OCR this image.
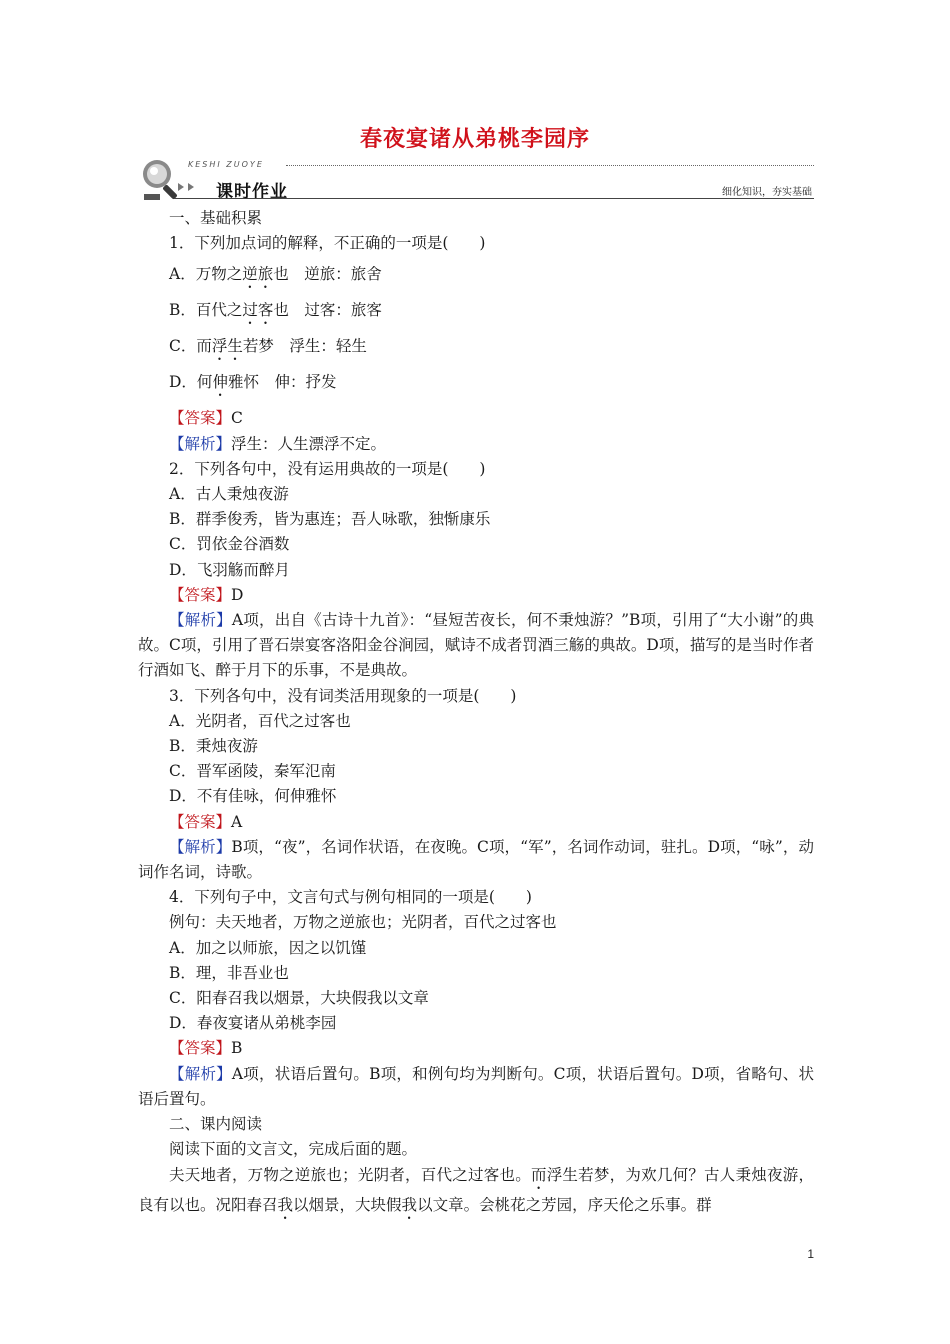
春夜宴诸从弟桃李园序
KESHI ZUOYE
课时作业	细化知识，夯实基础

一、基础积累

1．下列加点词的解释，不正确的一项是(　　)

A．万物之逆旅也　逆旅：旅舍

B．百代之过客也　过客：旅客

C．而浮生若梦　浮生：轻生

D．何伸雅怀　伸：抒发

【答案】C

【解析】浮生：人生漂浮不定。

2．下列各句中，没有运用典故的一项是(　　)

A．古人秉烛夜游

B．群季俊秀，皆为惠连；吾人咏歌，独惭康乐

C．罚依金谷酒数

D．飞羽觞而醉月

【答案】D

【解析】A项，出自《古诗十九首》：“昼短苦夜长，何不秉烛游？”B项，引用了“大小谢”的典故。C项，引用了晋石崇宴客洛阳金谷涧园，赋诗不成者罚酒三觞的典故。D项，描写的是当时作者行酒如飞、醉于月下的乐事，不是典故。

3．下列各句中，没有词类活用现象的一项是(　　)

A．光阴者，百代之过客也

B．秉烛夜游

C．晋军函陵，秦军氾南

D．不有佳咏，何伸雅怀

【答案】A

【解析】B项，“夜”，名词作状语，在夜晚。C项，“军”，名词作动词，驻扎。D项，“咏”，动词作名词，诗歌。

4．下列句子中，文言句式与例句相同的一项是(　　)

例句：夫天地者，万物之逆旅也；光阴者，百代之过客也

A．加之以师旅，因之以饥馑

B．理，非吾业也

C．阳春召我以烟景，大块假我以文章

D．春夜宴诸从弟桃李园

【答案】B

【解析】A项，状语后置句。B项，和例句均为判断句。C项，状语后置句。D项，省略句、状语后置句。

二、课内阅读

阅读下面的文言文，完成后面的题。

夫天地者，万物之逆旅也；光阴者，百代之过客也。而浮生若梦，为欢几何？古人秉烛夜游，良有以也。况阳春召我以烟景，大块假我以文章。会桃花之芳园，序天伦之乐事。群

1
